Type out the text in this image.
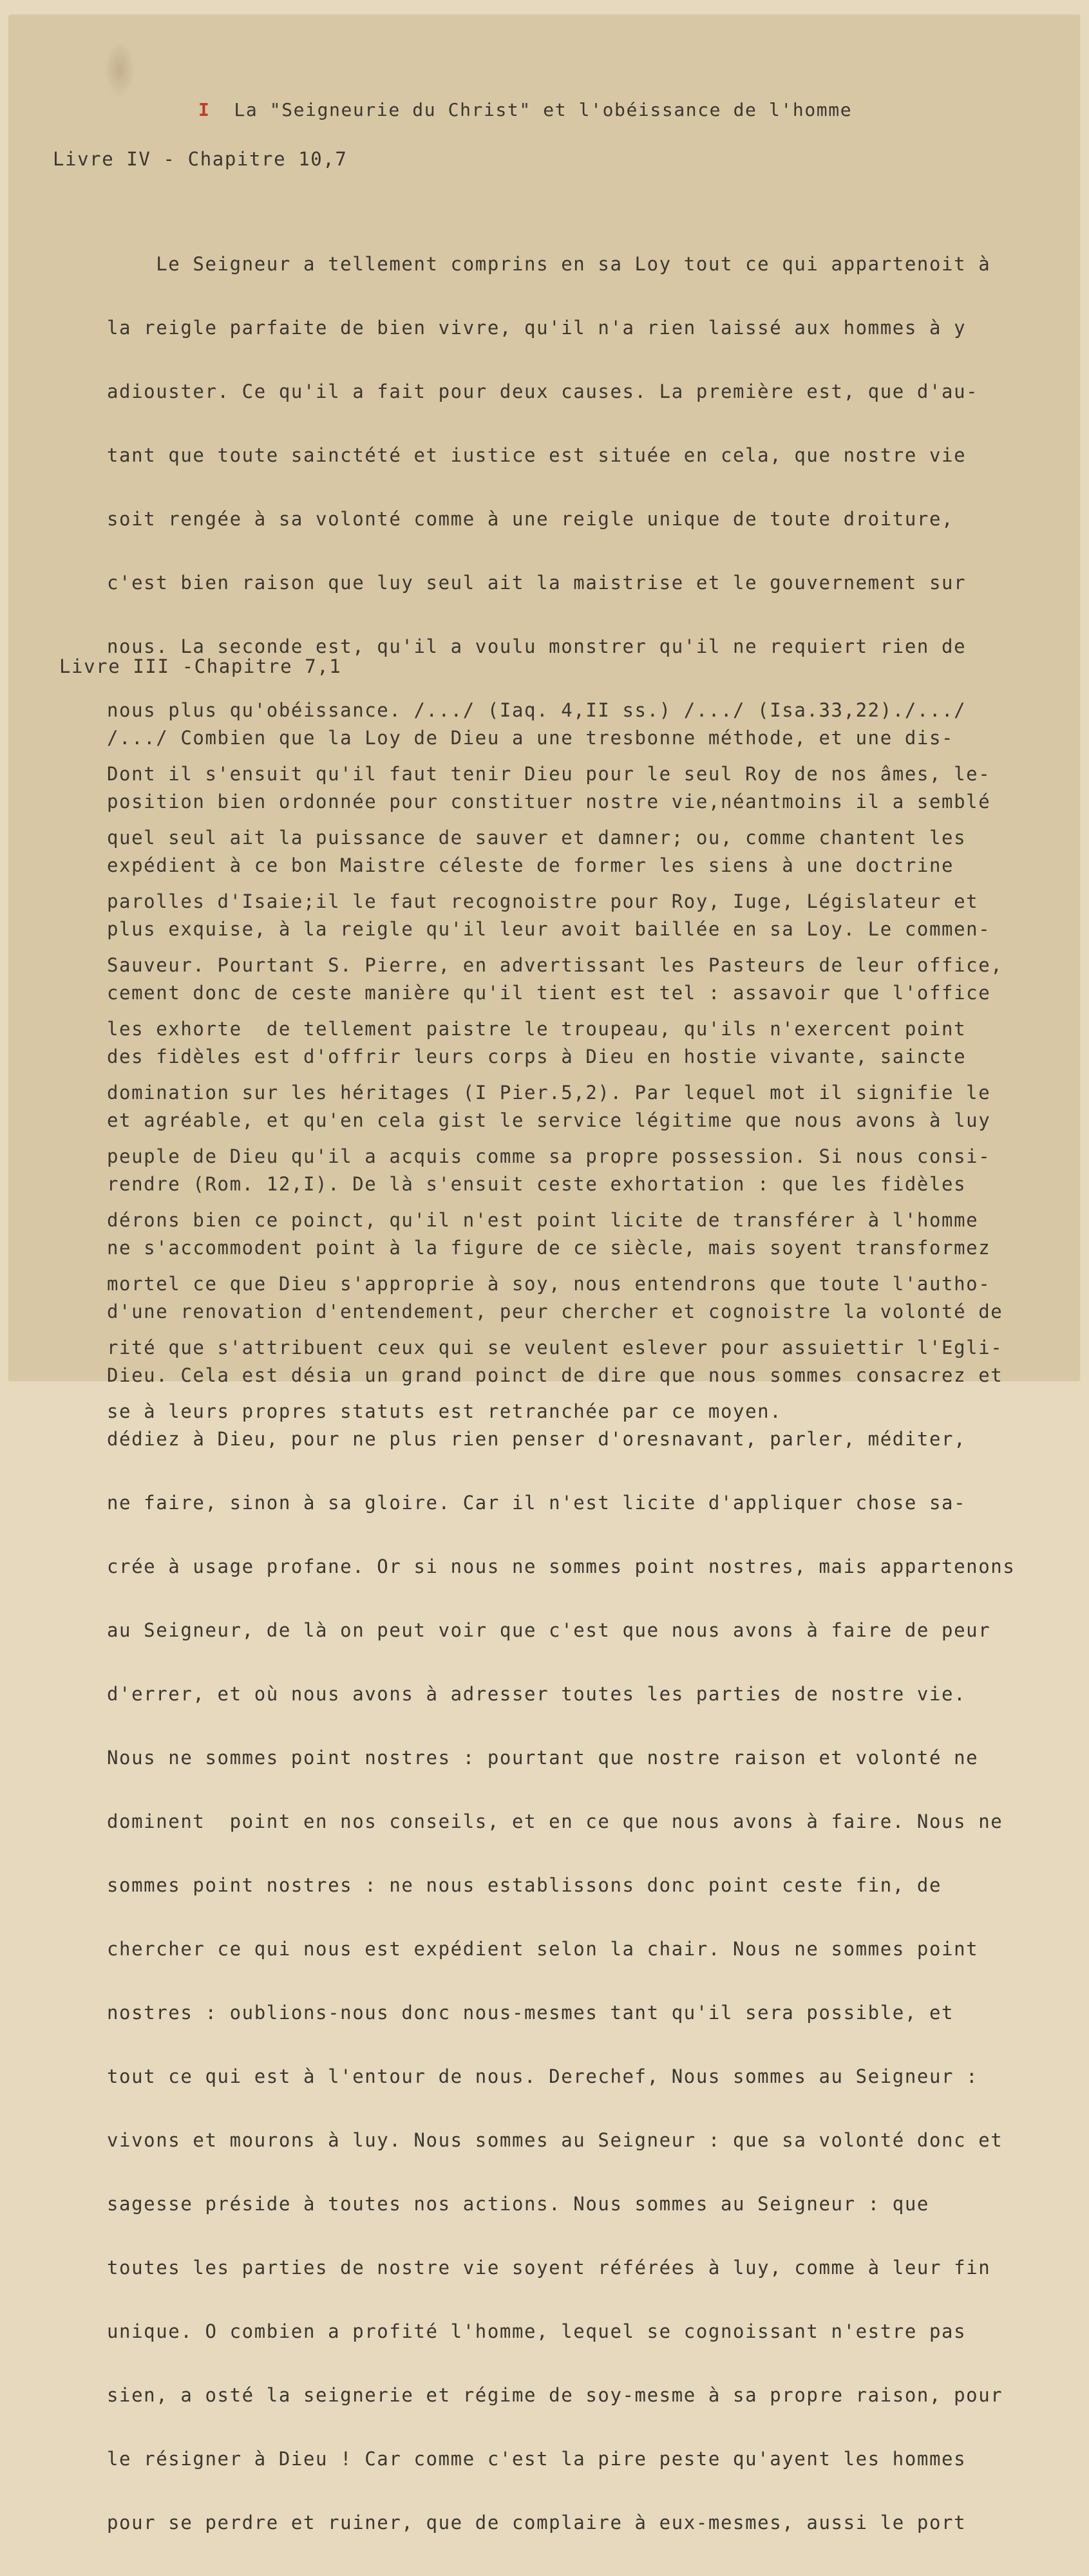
I La "Seigneurie du Christ" et l'obéissance de l'homme
Livre IV - Chapitre 10,7

Le Seigneur a tellement comprins en sa Loy tout ce qui appartenoit à

la reigle parfaite de bien vivre, qu'il n'a rien laissé aux hommes à y

adiouster. Ce qu'il a fait pour deux causes. La première est, que d'au-

tant que toute sainctété et iustice est située en cela, que nostre vie

soit rengée à sa volonté comme à une reigle unique de toute droiture,

c'est bien raison que luy seul ait la maistrise et le gouvernement sur

nous. La seconde est, qu'il a voulu monstrer qu'il ne requiert rien de

nous plus qu'obéissance. /.../ (Iaq. 4,II ss.) /.../ (Isa.33,22)./.../

Dont il s'ensuit qu'il faut tenir Dieu pour le seul Roy de nos âmes, le-

quel seul ait la puissance de sauver et damner; ou, comme chantent les

parolles d'Isaie;il le faut recognoistre pour Roy, Iuge, Législateur et

Sauveur. Pourtant S. Pierre, en advertissant les Pasteurs de leur office,

les exhorte  de tellement paistre le troupeau, qu'ils n'exercent point

domination sur les héritages (I Pier.5,2). Par lequel mot il signifie le

peuple de Dieu qu'il a acquis comme sa propre possession. Si nous consi-

dérons bien ce poinct, qu'il n'est point licite de transférer à l'homme

mortel ce que Dieu s'approprie à soy, nous entendrons que toute l'autho-

rité que s'attribuent ceux qui se veulent eslever pour assuiettir l'Egli-

se à leurs propres statuts est retranchée par ce moyen.

Livre III -Chapitre 7,1

/.../ Combien que la Loy de Dieu a une tresbonne méthode, et une dis-

position bien ordonnée pour constituer nostre vie,néantmoins il a semblé

expédient à ce bon Maistre céleste de former les siens à une doctrine

plus exquise, à la reigle qu'il leur avoit baillée en sa Loy. Le commen-

cement donc de ceste manière qu'il tient est tel : assavoir que l'office

des fidèles est d'offrir leurs corps à Dieu en hostie vivante, saincte

et agréable, et qu'en cela gist le service légitime que nous avons à luy

rendre (Rom. 12,I). De là s'ensuit ceste exhortation : que les fidèles

ne s'accommodent point à la figure de ce siècle, mais soyent transformez

d'une renovation d'entendement, peur chercher et cognoistre la volonté de

Dieu. Cela est désia un grand poinct de dire que nous sommes consacrez et

dédiez à Dieu, pour ne plus rien penser d'oresnavant, parler, méditer,

ne faire, sinon à sa gloire. Car il n'est licite d'appliquer chose sa-

crée à usage profane. Or si nous ne sommes point nostres, mais appartenons

au Seigneur, de là on peut voir que c'est que nous avons à faire de peur

d'errer, et où nous avons à adresser toutes les parties de nostre vie.

Nous ne sommes point nostres : pourtant que nostre raison et volonté ne

dominent  point en nos conseils, et en ce que nous avons à faire. Nous ne

sommes point nostres : ne nous establissons donc point ceste fin, de

chercher ce qui nous est expédient selon la chair. Nous ne sommes point

nostres : oublions-nous donc nous-mesmes tant qu'il sera possible, et

tout ce qui est à l'entour de nous. Derechef, Nous sommes au Seigneur :

vivons et mourons à luy. Nous sommes au Seigneur : que sa volonté donc et

sagesse préside à toutes nos actions. Nous sommes au Seigneur : que

toutes les parties de nostre vie soyent référées à luy, comme à leur fin

unique. O combien a profité l'homme, lequel se cognoissant n'estre pas

sien, a osté la seignerie et régime de soy-mesme à sa propre raison, pour

le résigner à Dieu ! Car comme c'est la pire peste qu'ayent les hommes

pour se perdre et ruiner, que de complaire à eux-mesmes, aussi le port
